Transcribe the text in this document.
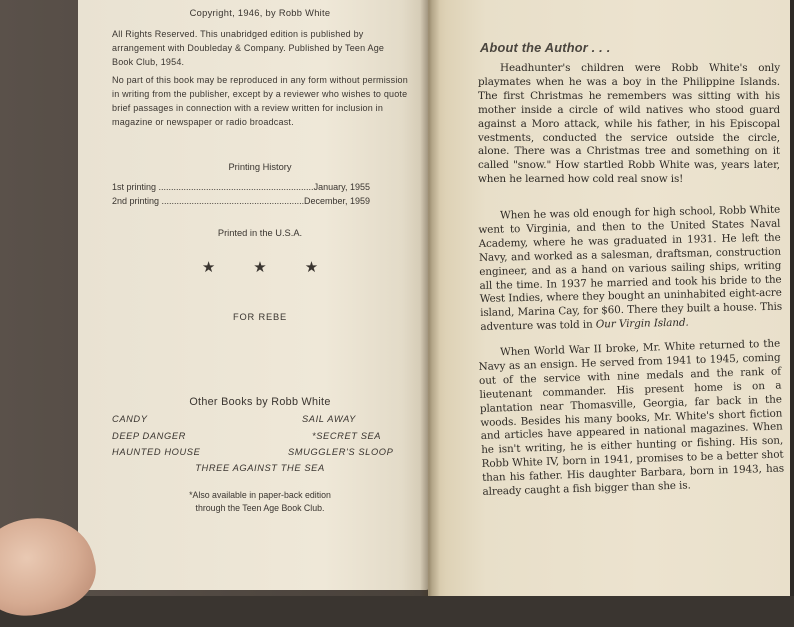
Copyright, 1946, by Robb White
All Rights Reserved. This unabridged edition is published by arrangement with Doubleday & Company. Published by Teen Age Book Club, 1954.
No part of this book may be reproduced in any form without permission in writing from the publisher, except by a reviewer who wishes to quote brief passages in connection with a review written for inclusion in magazine or newspaper or radio broadcast.
Printing History
1st printing .....	January, 1955
2nd printing .....	December, 1959
Printed in the U.S.A.
★	★	★
FOR REBE
Other Books by Robb White
CANDY	SAIL AWAY
DEEP DANGER	*SECRET SEA
HAUNTED HOUSE	SMUGGLER'S SLOOP
THREE AGAINST THE SEA
*Also available in paper-back edition
through the Teen Age Book Club.
About the Author . . .
Headhunter's children were Robb White's only playmates when he was a boy in the Philippine Islands. The first Christmas he remembers was sitting with his mother inside a circle of wild natives who stood guard against a Moro attack, while his father, in his Episcopal vestments, conducted the service outside the circle, alone. There was a Christmas tree and something on it called "snow." How startled Robb White was, years later, when he learned how cold real snow is!
When he was old enough for high school, Robb White went to Virginia, and then to the United States Naval Academy, where he was graduated in 1931. He left the Navy, and worked as a salesman, draftsman, construction engineer, and as a hand on various sailing ships, writing all the time. In 1937 he married and took his bride to the West Indies, where they bought an uninhabited eight-acre island, Marina Cay, for $60. There they built a house. This adventure was told in Our Virgin Island.
When World War II broke, Mr. White returned to the Navy as an ensign. He served from 1941 to 1945, coming out of the service with nine medals and the rank of lieutenant commander. His present home is on a plantation near Thomasville, Georgia, far back in the woods. Besides his many books, Mr. White's short fiction and articles have appeared in national magazines. When he isn't writing, he is either hunting or fishing. His son, Robb White IV, born in 1941, promises to be a better shot than his father. His daughter Barbara, born in 1943, has already caught a fish bigger than she is.
